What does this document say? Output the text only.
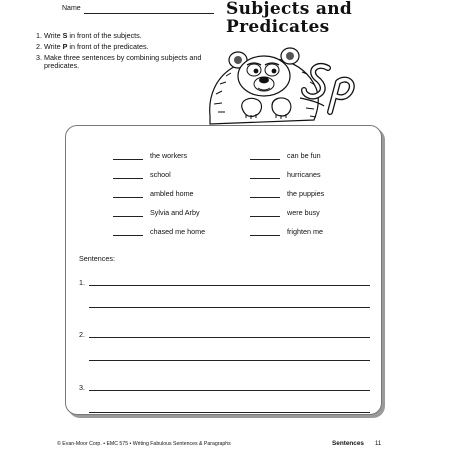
Name	Subjects and
Predicates
1. Write S in front of the subjects.
2. Write P in front of the predicates.
3. Make three sentences by combining subjects and predicates.
the workers
school
ambled home
Sylvia and Arby
chased me home
can be fun
hurricanes
the puppies
were busy
frighten me
Sentences:
1.
2.
3.
© Evan-Moor Corp. • EMC 575 • Writing Fabulous Sentences & Paragraphs	Sentences 11
